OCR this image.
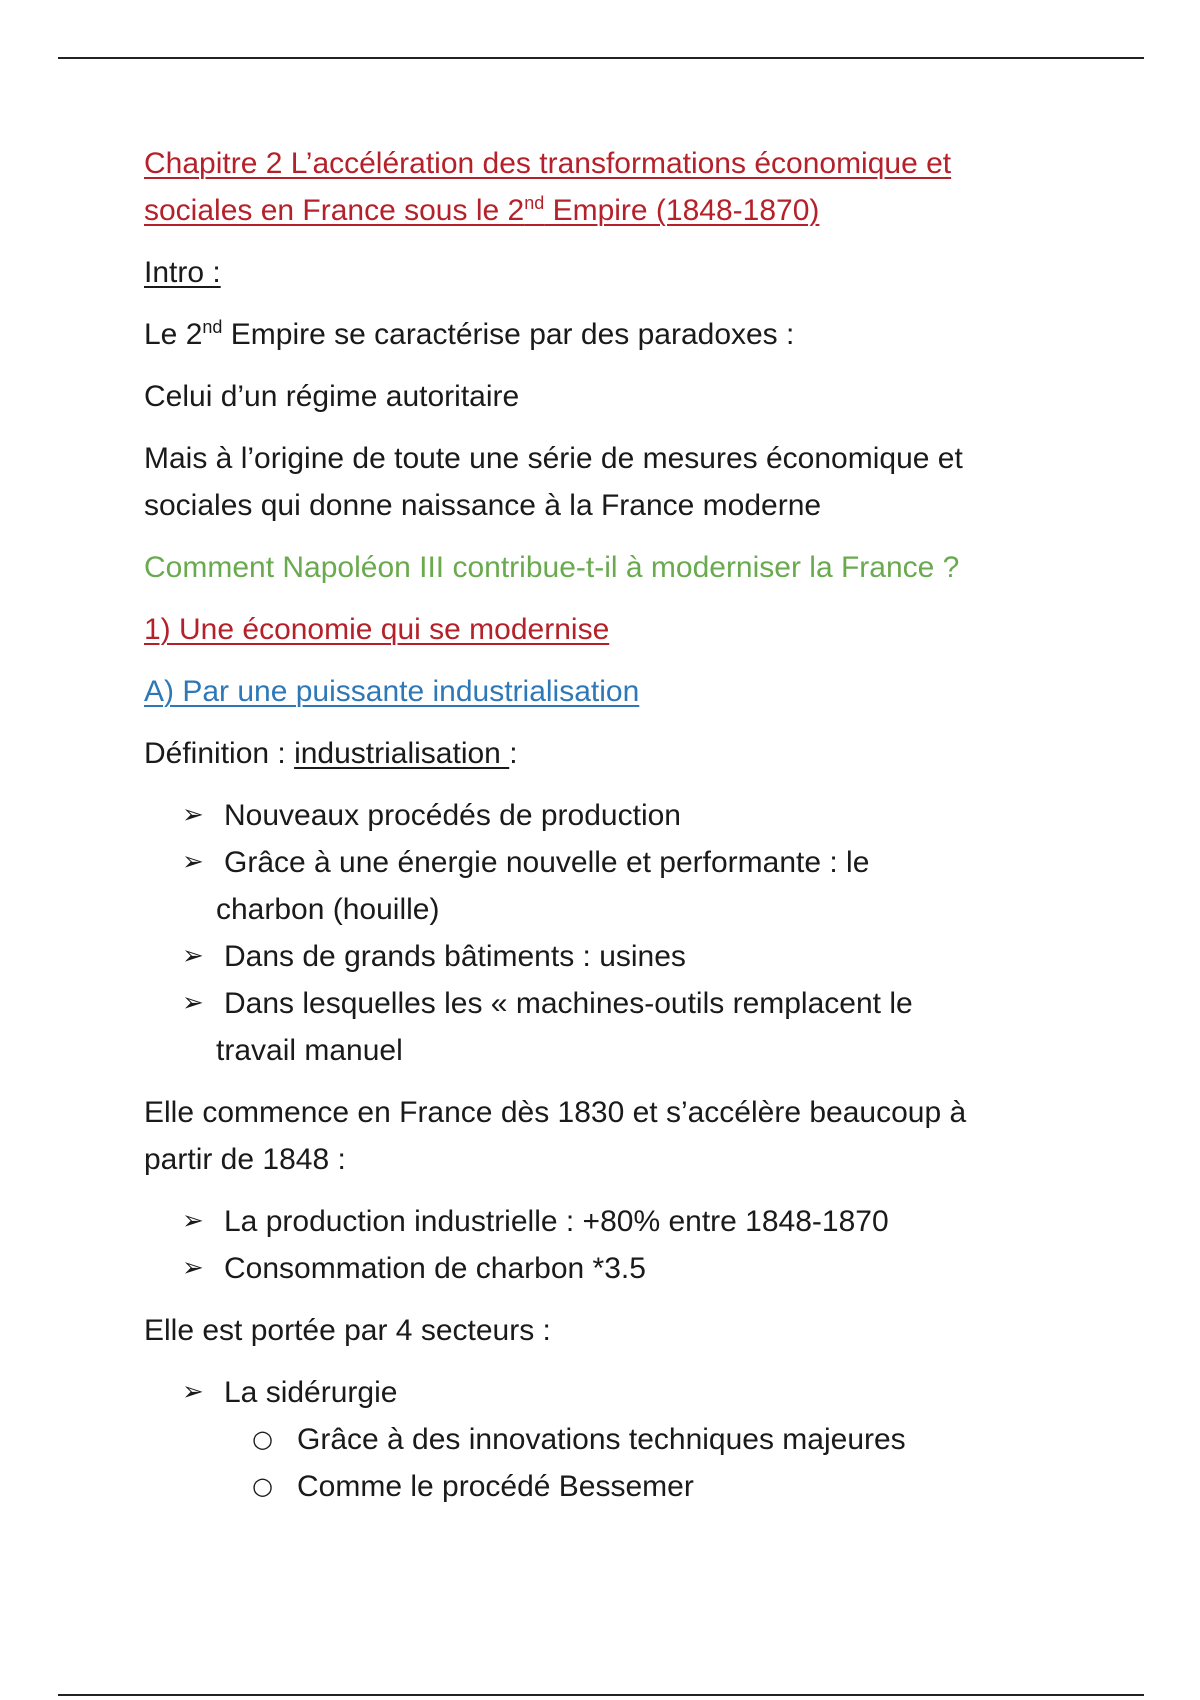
Chapitre 2 L’accélération des transformations économique et
sociales en France sous le 2nd Empire (1848-1870)
Intro :
Le 2nd Empire se caractérise par des paradoxes :
Celui d’un régime autoritaire
Mais à l’origine de toute une série de mesures économique et
sociales qui donne naissance à la France moderne
Comment Napoléon III contribue-t-il à moderniser la France ?
1) Une économie qui se modernise
A) Par une puissante industrialisation
Définition : industrialisation :
➢ Nouveaux procédés de production
➢ Grâce à une énergie nouvelle et performante : le
charbon (houille)
➢ Dans de grands bâtiments : usines
➢ Dans lesquelles les « machines-outils remplacent le
travail manuel
Elle commence en France dès 1830 et s’accélère beaucoup à
partir de 1848 :
➢ La production industrielle : +80% entre 1848-1870
➢ Consommation de charbon *3.5
Elle est portée par 4 secteurs :
➢ La sidérurgie
○ Grâce à des innovations techniques majeures
○ Comme le procédé Bessemer
